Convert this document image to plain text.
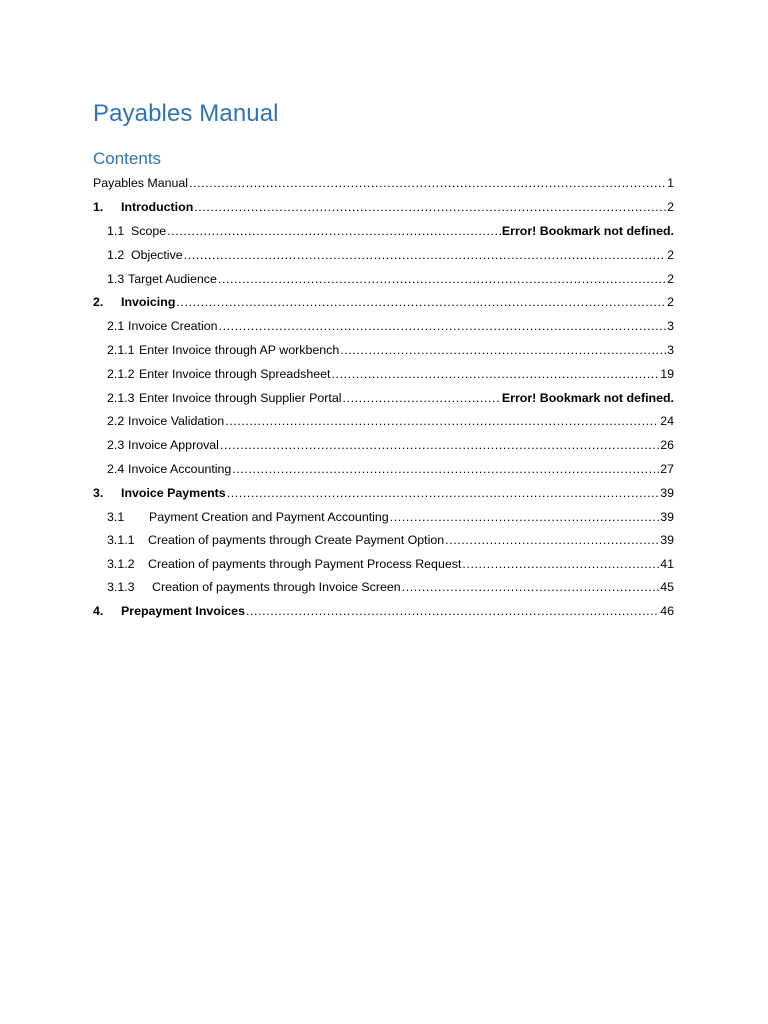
Payables Manual
Contents
Payables Manual .....	1
1.	Introduction .....	2
1.1 Scope .....	Error! Bookmark not defined.
1.2 Objective .....	2
1.3 Target Audience .....	2
2.	Invoicing .....	2
2.1 Invoice Creation .....	3
2.1.1 Enter Invoice through AP workbench .....	3
2.1.2 Enter Invoice through Spreadsheet .....	19
2.1.3 Enter Invoice through Supplier Portal .....	Error! Bookmark not defined.
2.2 Invoice Validation .....	24
2.3 Invoice Approval .....	26
2.4 Invoice Accounting .....	27
3.	Invoice Payments .....	39
3.1	Payment Creation and Payment Accounting .....	39
3.1.1	Creation of payments through Create Payment Option .....	39
3.1.2	Creation of payments through Payment Process Request .....	41
3.1.3	Creation of payments through Invoice Screen .....	45
4.	Prepayment Invoices .....	46
